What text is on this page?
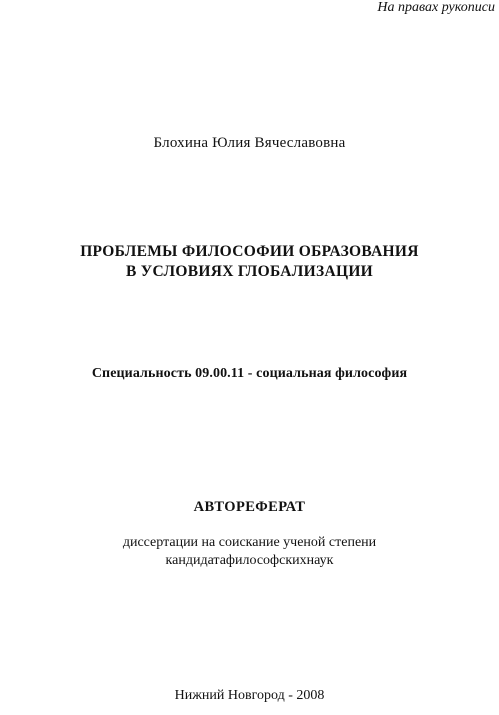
На правах рукописи
Блохина Юлия Вячеславовна
ПРОБЛЕМЫ ФИЛОСОФИИ ОБРАЗОВАНИЯ
В УСЛОВИЯХ ГЛОБАЛИЗАЦИИ
Специальность 09.00.11 - социальная философия
АВТОРЕФЕРАТ
диссертации на соискание ученой степени
кандидатафилософскихнаук
Нижний Новгород - 2008
